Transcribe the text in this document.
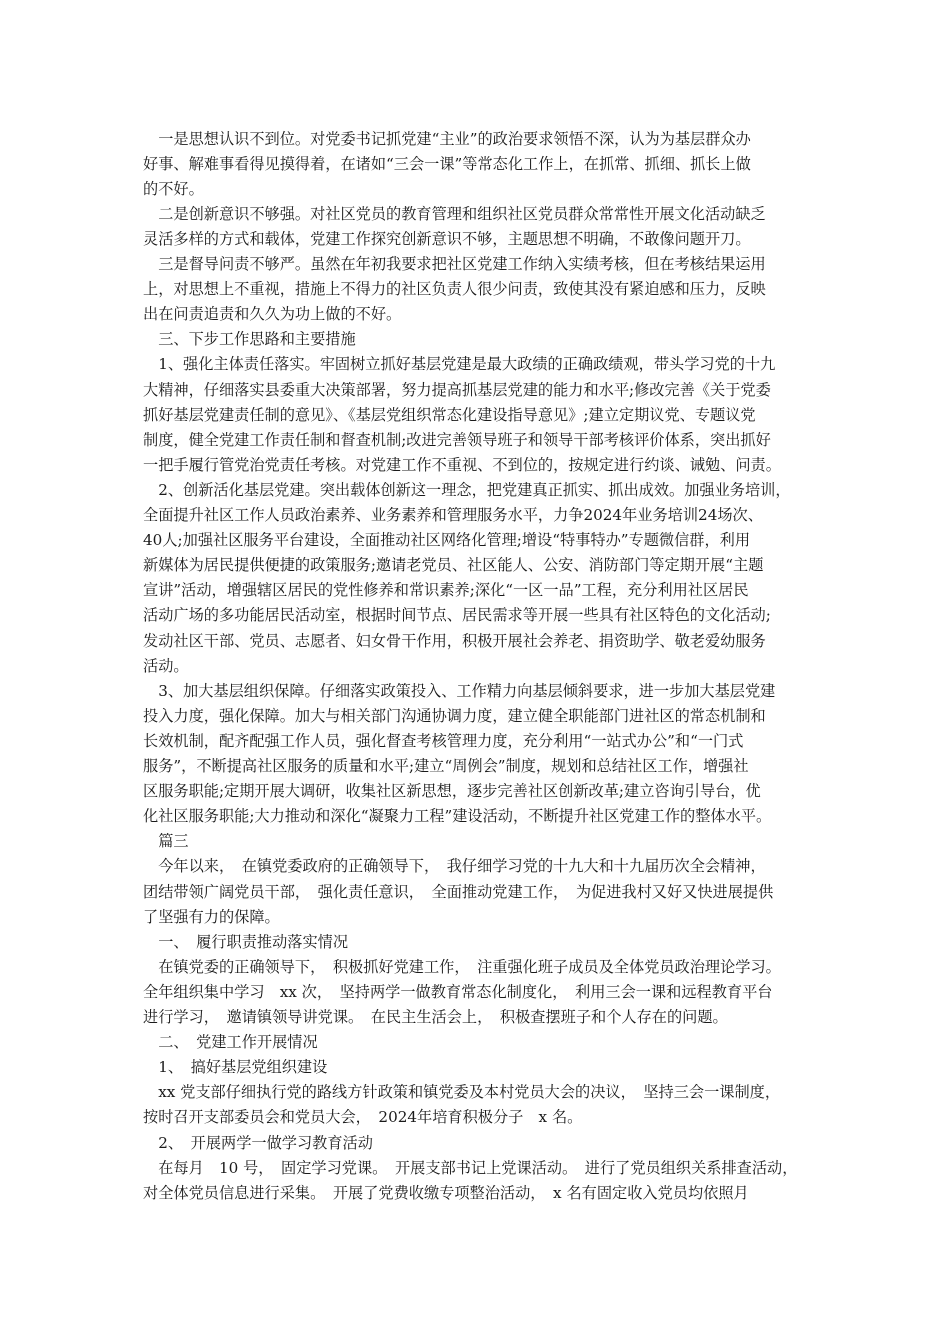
　一是思想认识不到位。对党委书记抓党建“主业”的政治要求领悟不深，认为为基层群众办
好事、解难事看得见摸得着，在诸如“三会一课”等常态化工作上，在抓常、抓细、抓长上做
的不好。
　二是创新意识不够强。对社区党员的教育管理和组织社区党员群众常常性开展文化活动缺乏
灵活多样的方式和载体，党建工作探究创新意识不够，主题思想不明确，不敢像问题开刀。
　三是督导问责不够严。虽然在年初我要求把社区党建工作纳入实绩考核，但在考核结果运用
上，对思想上不重视，措施上不得力的社区负责人很少问责，致使其没有紧迫感和压力，反映
出在问责追责和久久为功上做的不好。
　三、下步工作思路和主要措施
　1、强化主体责任落实。牢固树立抓好基层党建是最大政绩的正确政绩观，带头学习党的十九
大精神，仔细落实县委重大决策部署，努力提高抓基层党建的能力和水平;修改完善《关于党委
抓好基层党建责任制的意见》、《基层党组织常态化建设指导意见》;建立定期议党、专题议党
制度，健全党建工作责任制和督查机制;改进完善领导班子和领导干部考核评价体系，突出抓好
一把手履行管党治党责任考核。对党建工作不重视、不到位的，按规定进行约谈、诫勉、问责。
　2、创新活化基层党建。突出载体创新这一理念，把党建真正抓实、抓出成效。加强业务培训，
全面提升社区工作人员政治素养、业务素养和管理服务水平，力争2024年业务培训24场次、
40人;加强社区服务平台建设，全面推动社区网络化管理;增设“特事特办”专题微信群，利用
新媒体为居民提供便捷的政策服务;邀请老党员、社区能人、公安、消防部门等定期开展“主题
宣讲”活动，增强辖区居民的党性修养和常识素养;深化“一区一品”工程，充分利用社区居民
活动广场的多功能居民活动室，根据时间节点、居民需求等开展一些具有社区特色的文化活动;
发动社区干部、党员、志愿者、妇女骨干作用，积极开展社会养老、捐资助学、敬老爱幼服务
活动。
　3、加大基层组织保障。仔细落实政策投入、工作精力向基层倾斜要求，进一步加大基层党建
投入力度，强化保障。加大与相关部门沟通协调力度，建立健全职能部门进社区的常态机制和
长效机制，配齐配强工作人员，强化督查考核管理力度，充分利用“一站式办公”和“一门式
服务”，不断提高社区服务的质量和水平;建立“周例会”制度，规划和总结社区工作，增强社
区服务职能;定期开展大调研，收集社区新思想，逐步完善社区创新改革;建立咨询引导台，优
化社区服务职能;大力推动和深化“凝聚力工程”建设活动，不断提升社区党建工作的整体水平。
　篇三
　今年以来，　在镇党委政府的正确领导下，　我仔细学习党的十九大和十九届历次全会精神，
团结带领广阔党员干部，　强化责任意识，　全面推动党建工作，　为促进我村又好又快进展提供
了坚强有力的保障。
　一、　履行职责推动落实情况
　在镇党委的正确领导下，　积极抓好党建工作，　注重强化班子成员及全体党员政治理论学习。
全年组织集中学习　xx 次，　坚持两学一做教育常态化制度化，　利用三会一课和远程教育平台
进行学习，　邀请镇领导讲党课。　在民主生活会上，　积极查摆班子和个人存在的问题。
　二、　党建工作开展情况
　1、　搞好基层党组织建设
　xx 党支部仔细执行党的路线方针政策和镇党委及本村党员大会的决议，　坚持三会一课制度，
按时召开支部委员会和党员大会，　2024年培育积极分子　x 名。
　2、　开展两学一做学习教育活动
　在每月　10 号，　固定学习党课。　开展支部书记上党课活动。　进行了党员组织关系排查活动，
对全体党员信息进行采集。　开展了党费收缴专项整治活动，　x 名有固定收入党员均依照月
